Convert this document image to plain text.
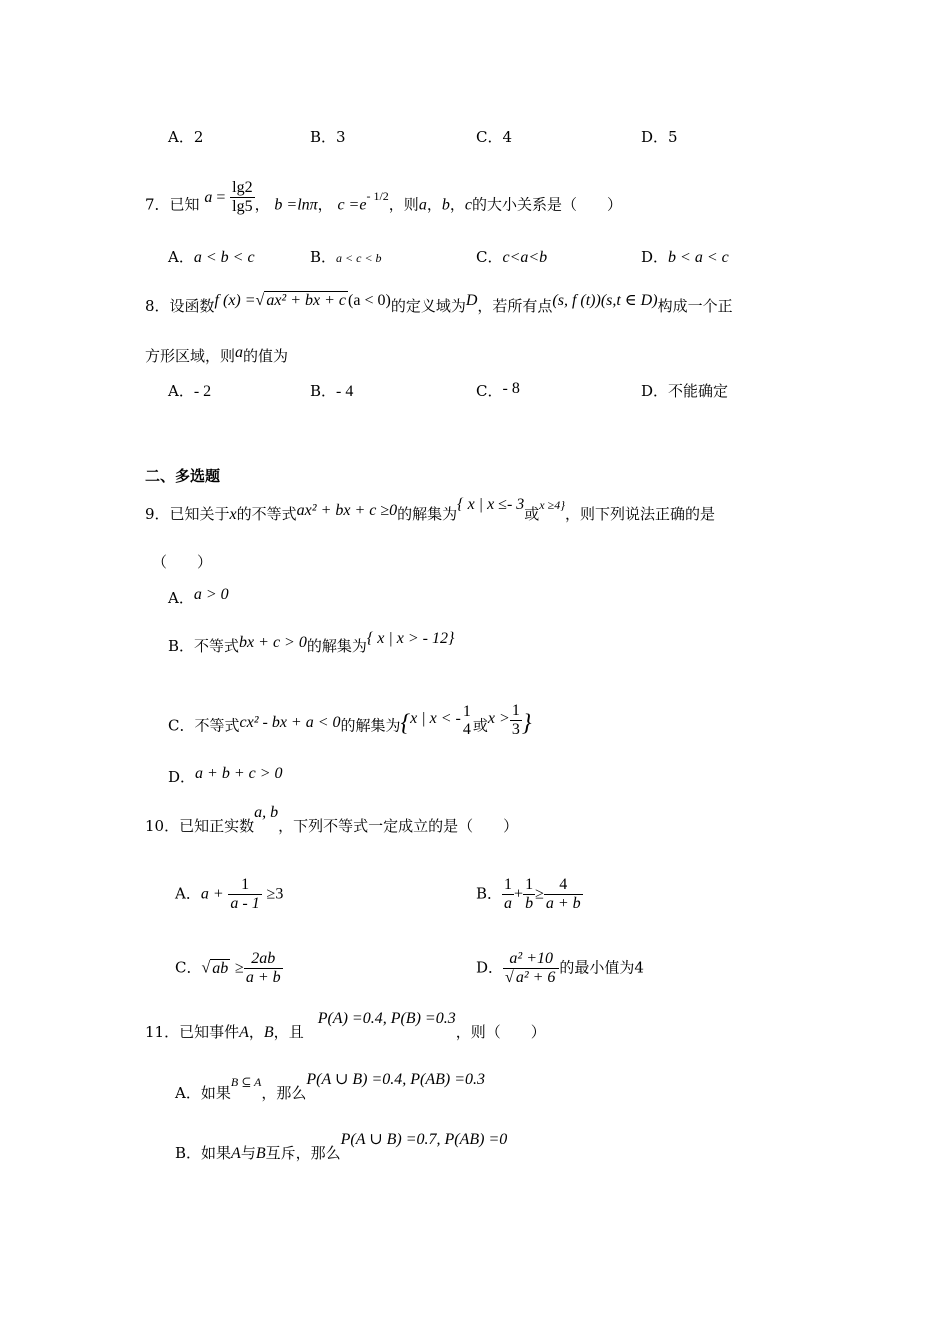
A．2	B．3	C．4	D．5
7．已知 $a = \frac{\lg 2}{\lg 5}$ ， b =lnπ， $c =e^{- 1/2}$，则a，b，c的大小关系是（　　）
A．a < b < c	B．a < c < b	C．c<a<b	D．b < a < c
8．设函数f (x) =√ ax² + bx + c (a < 0)的定义域为D，若所有点(s, f (t))(s,t ∈ D)构成一个正
方形区域，则a的值为
A．- 2	B．- 4	C．- 8	D．不能确定
二、多选题
9．已知关于x的不等式ax² + bx + c ≥0的解集为{ x | x ≤- 3或$^{x \ge 4\}}$，则下列说法正确的是
（　　）
A．a > 0
B．不等式bx + c > 0的解集为{ x | x > - 12}
C．不等式cx² - bx + a < 0的解集为{x | x < - 1
4 或$x > \frac{1}{3}$ }
D．a + b + c > 0
10．已知正实数a, b，下列不等式一定成立的是（　　）
A．$a + \frac{1}{a - 1} \ge 3$	B． $\frac{1}{a} + \frac{1}{b} \ge \frac{4}{a + b}$
C．√ ab ≥ $\frac{2ab}{a + b}$	D． $\frac{\text{a² +10}}{\text{√ a² + 6}}$ 的最小值为4
11．已知事件A，B，且P(A) =0.4, P(B) =0.3，则（　　）
A．如果$^{B ⊆ A}$，那么P(A ∪ B) =0.4, P(AB) =0.3
B．如果A与B互斥，那么P(A ∪ B) =0.7, P(AB) =0
